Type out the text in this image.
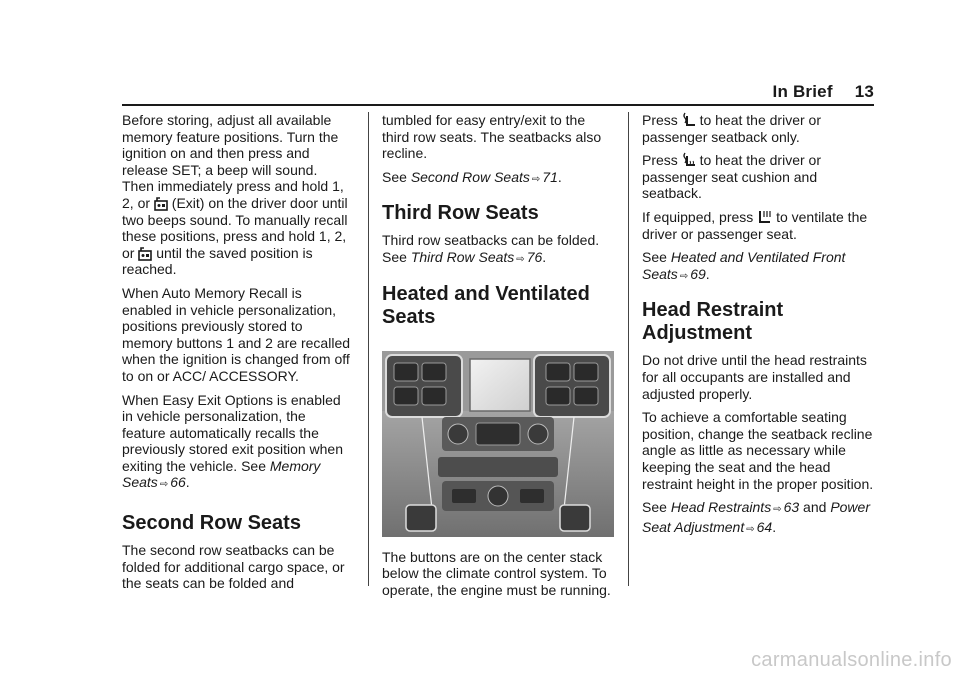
In Brief 13

Before storing, adjust all available memory feature positions. Turn the ignition on and then press and release SET; a beep will sound. Then immediately press and hold 1, 2, or  (Exit) on the driver door until two beeps sound. To manually recall these positions, press and hold 1, 2, or  until the saved position is reached.

When Auto Memory Recall is enabled in vehicle personalization, positions previously stored to memory buttons 1 and 2 are recalled when the ignition is changed from off to on or ACC/ ACCESSORY.

When Easy Exit Options is enabled in vehicle personalization, the feature automatically recalls the previously stored exit position when exiting the vehicle. See Memory Seats ⇨ 66.

Second Row Seats

The second row seatbacks can be folded for additional cargo space, or the seats can be folded and

tumbled for easy entry/exit to the third row seats. The seatbacks also recline.

See Second Row Seats ⇨ 71.

Third Row Seats

Third row seatbacks can be folded. See Third Row Seats ⇨ 76.

Heated and Ventilated Seats

The buttons are on the center stack below the climate control system. To operate, the engine must be running.

Press  to heat the driver or passenger seatback only.

Press  to heat the driver or passenger seat cushion and seatback.

If equipped, press  to ventilate the driver or passenger seat.

See Heated and Ventilated Front Seats ⇨ 69.

Head Restraint Adjustment

Do not drive until the head restraints for all occupants are installed and adjusted properly.

To achieve a comfortable seating position, change the seatback recline angle as little as necessary while keeping the seat and the head restraint height in the proper position.

See Head Restraints ⇨ 63 and Power Seat Adjustment ⇨ 64.

carmanualsonline.info
